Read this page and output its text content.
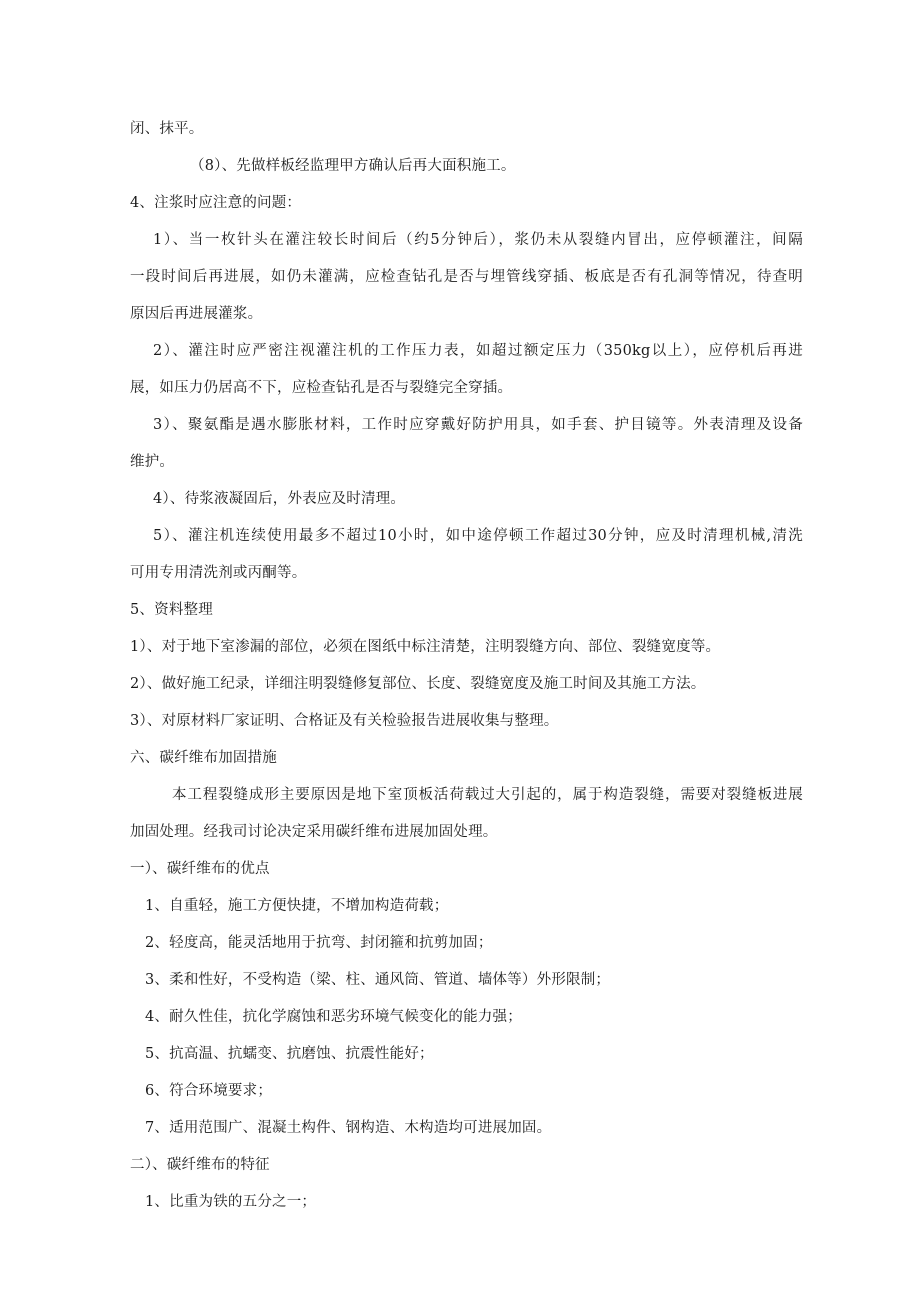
闭、抹平。
（8）、先做样板经监理甲方确认后再大面积施工。
4、注浆时应注意的问题：
1）、当一枚针头在灌注较长时间后（约5分钟后），浆仍未从裂缝内冒出，应停顿灌注，间隔
一段时间后再进展，如仍未灌满，应检查钻孔是否与埋管线穿插、板底是否有孔洞等情况，待查明
原因后再进展灌浆。
2）、灌注时应严密注视灌注机的工作压力表，如超过额定压力（350kg以上），应停机后再进
展，如压力仍居高不下，应检查钻孔是否与裂缝完全穿插。
3）、聚氨酯是遇水膨胀材料，工作时应穿戴好防护用具，如手套、护目镜等。外表清理及设备
维护。
4）、待浆液凝固后，外表应及时清理。
5）、灌注机连续使用最多不超过10小时，如中途停顿工作超过30分钟，应及时清理机械,清洗
可用专用清洗剂或丙酮等。
5、资料整理
1）、对于地下室渗漏的部位，必须在图纸中标注清楚，注明裂缝方向、部位、裂缝宽度等。
2）、做好施工纪录，详细注明裂缝修复部位、长度、裂缝宽度及施工时间及其施工方法。
3）、对原材料厂家证明、合格证及有关检验报告进展收集与整理。
六、碳纤维布加固措施
本工程裂缝成形主要原因是地下室顶板活荷载过大引起的，属于构造裂缝，需要对裂缝板进展
加固处理。经我司讨论决定采用碳纤维布进展加固处理。
一）、碳纤维布的优点
1、自重轻，施工方便快捷，不增加构造荷载；
2、轻度高，能灵活地用于抗弯、封闭箍和抗剪加固；
3、柔和性好，不受构造（梁、柱、通风筒、管道、墙体等）外形限制；
4、耐久性佳，抗化学腐蚀和恶劣环境气候变化的能力强；
5、抗高温、抗蠕变、抗磨蚀、抗震性能好；
6、符合环境要求；
7、适用范围广、混凝土构件、钢构造、木构造均可进展加固。
二）、碳纤维布的特征
1、比重为铁的五分之一；
